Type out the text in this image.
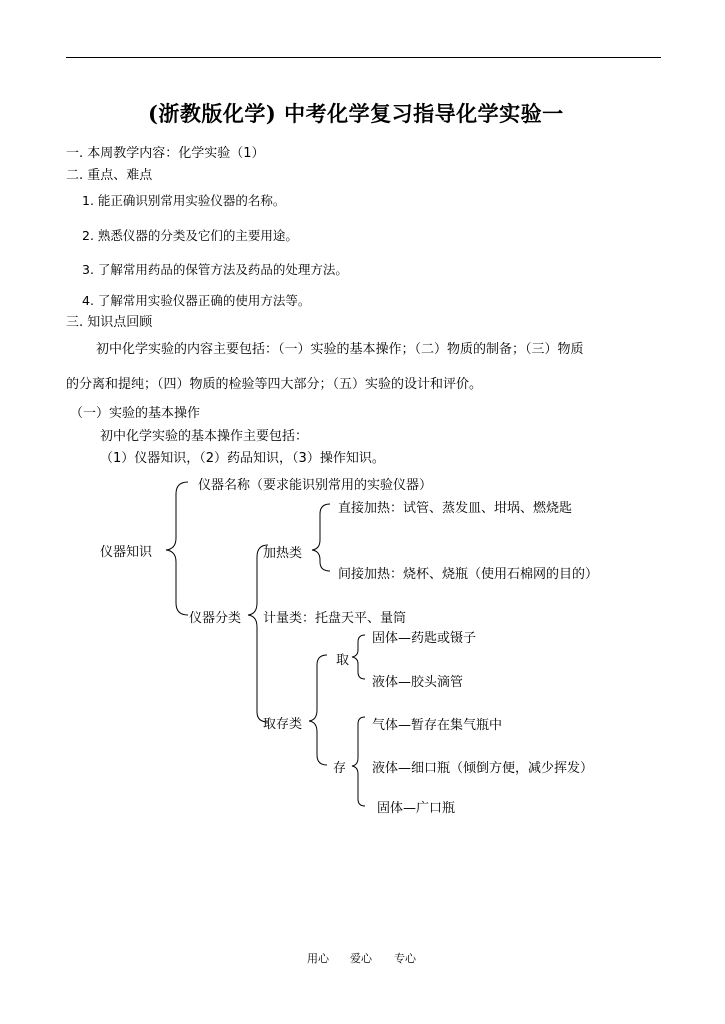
(浙教版化学) 中考化学复习指导化学实验一
一. 本周教学内容：化学实验（1）
二. 重点、难点
1. 能正确识别常用实验仪器的名称。
2. 熟悉仪器的分类及它们的主要用途。
3. 了解常用药品的保管方法及药品的处理方法。
4. 了解常用实验仪器正确的使用方法等。
三. 知识点回顾
初中化学实验的内容主要包括：（一）实验的基本操作；（二）物质的制备；（三）物质
的分离和提纯；（四）物质的检验等四大部分；（五）实验的设计和评价。
（一）实验的基本操作
初中化学实验的基本操作主要包括：
（1）仪器知识，（2）药品知识，（3）操作知识。
仪器名称（要求能识别常用的实验仪器）
仪器知识
仪器分类
加热类
直接加热：试管、蒸发皿、坩埚、燃烧匙
间接加热：烧杯、烧瓶（使用石棉网的目的）
计量类：托盘天平、量筒
取存类
取
固体—药匙或镊子
液体—胶头滴管
存
气体—暂存在集气瓶中
液体—细口瓶（倾倒方便，减少挥发）
固体—广口瓶
用心 爱心 专心
